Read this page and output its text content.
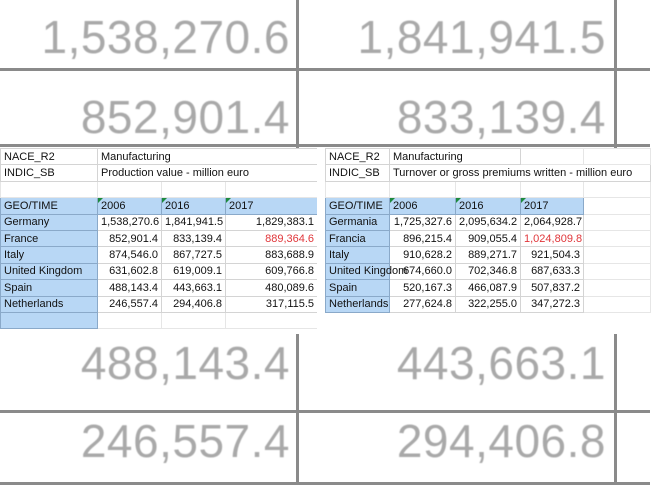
1,538,270.6	1,841,941.5
852,901.4	833,139.4
488,143.4	443,663.1
246,557.4	294,406.8
NACE_R2	Manufacturing		
INDIC_SB	Production value - million euro		

GEO/TIME	2006	2016	2017
Germany	1,538,270.6	1,841,941.5	1,829,383.1
France	852,901.4	833,139.4	889,364.6
Italy	874,546.0	867,727.5	883,688.9
United Kingdom	631,602.8	619,009.1	609,766.8
Spain	488,143.4	443,663.1	480,089.6
Netherlands	246,557.4	294,406.8	317,115.5

NACE_R2	Manufacturing			
INDIC_SB	Turnover or gross premiums written - million euro			

GEO/TIME	2006	2016	2017	
Germania	1,725,327.6	2,095,634.2	2,064,928.7	
Francia	896,215.4	909,055.4	1,024,809.8	
Italy	910,628.2	889,271.7	921,504.3	
United Kingdom	674,660.0	702,346.8	687,633.3	
Spain	520,167.3	466,087.9	507,837.2	
Netherlands	277,624.8	322,255.0	347,272.3	
